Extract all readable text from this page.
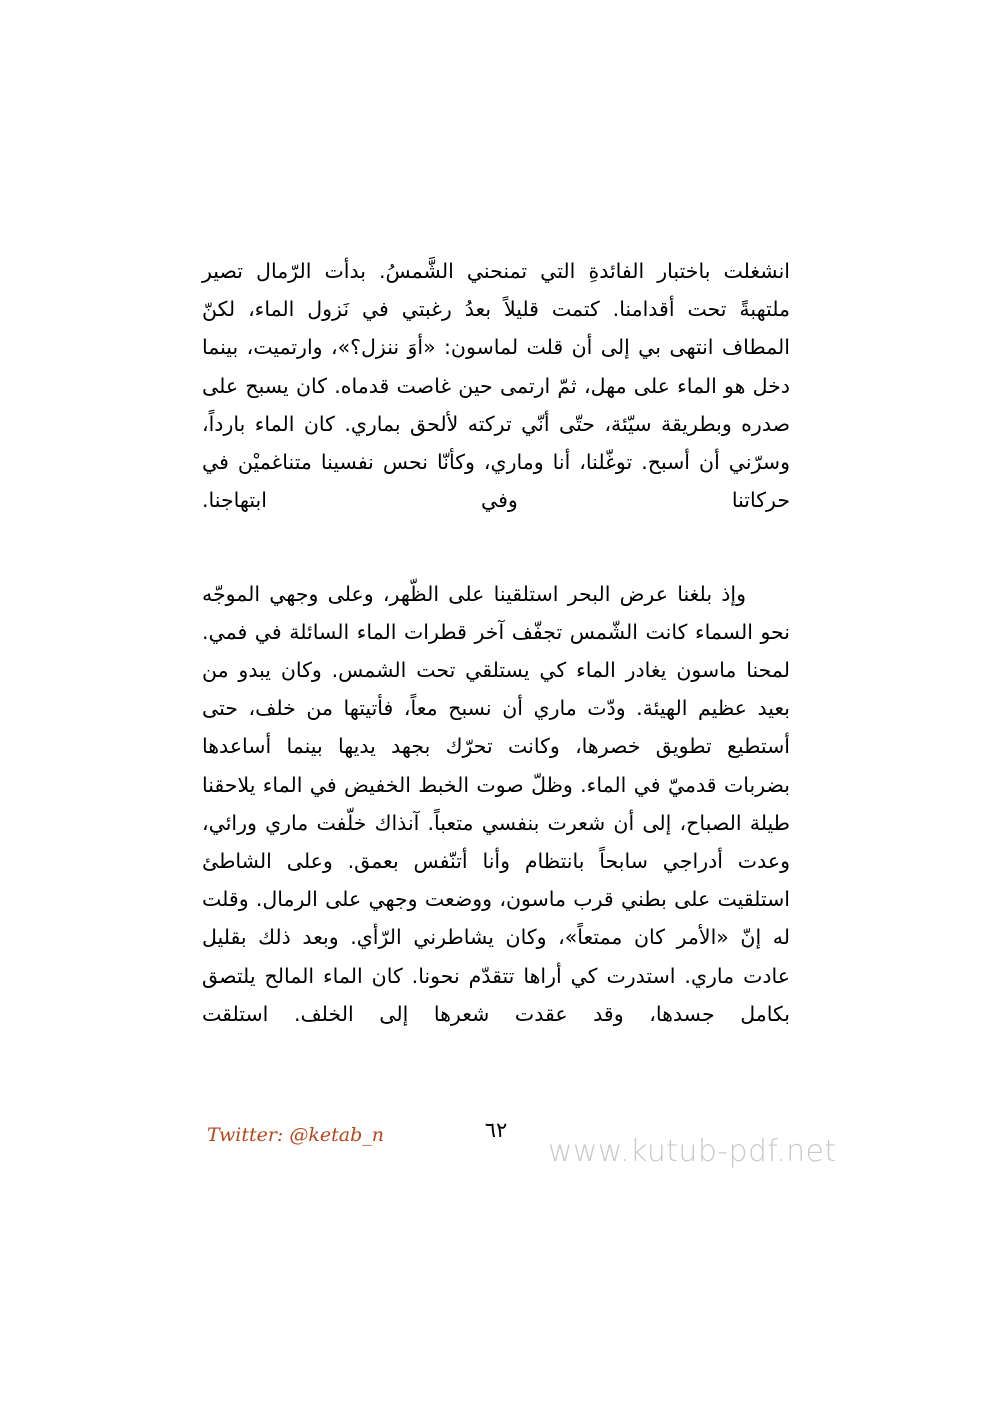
انشغلت باختبار الفائدةِ التي تمنحني الشَّمسُ. بدأت الرّمال تصير ملتهبةً تحت أقدامنا. كتمت قليلاً بعدُ رغبتي في نَزول الماء، لكنّ المطاف انتهى بي إلى أن قلت لماسون: «أوَ ننزل؟»، وارتميت، بينما دخل هو الماء على مهل، ثمّ ارتمى حين غاصت قدماه. كان يسبح على صدره وبطريقة سيّئة، حتّى أنّي تركته لألحق بماري. كان الماء بارداً، وسرّني أن أسبح. توغّلنا، أنا وماري، وكأنّا نحس نفسينا متناغميْن في حركاتنا وفي ابتهاجنا.

وإذ بلغنا عرض البحر استلقينا على الظّهر، وعلى وجهي الموجّه نحو السماء كانت الشّمس تجفّف آخر قطرات الماء السائلة في فمي. لمحنا ماسون يغادر الماء كي يستلقي تحت الشمس. وكان يبدو من بعيد عظيم الهيئة. ودّت ماري أن نسبح معاً، فأتيتها من خلف، حتى أستطيع تطويق خصرها، وكانت تحرّك بجهد يديها بينما أساعدها بضربات قدميّ في الماء. وظلّ صوت الخبط الخفيض في الماء يلاحقنا طيلة الصباح، إلى أن شعرت بنفسي متعباً. آنذاك خلّفت ماري ورائي، وعدت أدراجي سابحاً بانتظام وأنا أتنّفس بعمق. وعلى الشاطئ استلقيت على بطني قرب ماسون، ووضعت وجهي على الرمال. وقلت له إنّ «الأمر كان ممتعاً»، وكان يشاطرني الرّأي. وبعد ذلك بقليل عادت ماري. استدرت كي أراها تتقدّم نحونا. كان الماء المالح يلتصق بكامل جسدها، وقد عقدت شعرها إلى الخلف. استلقت

Twitter: @ketab_n	٦٢
www.kutub-pdf.net
